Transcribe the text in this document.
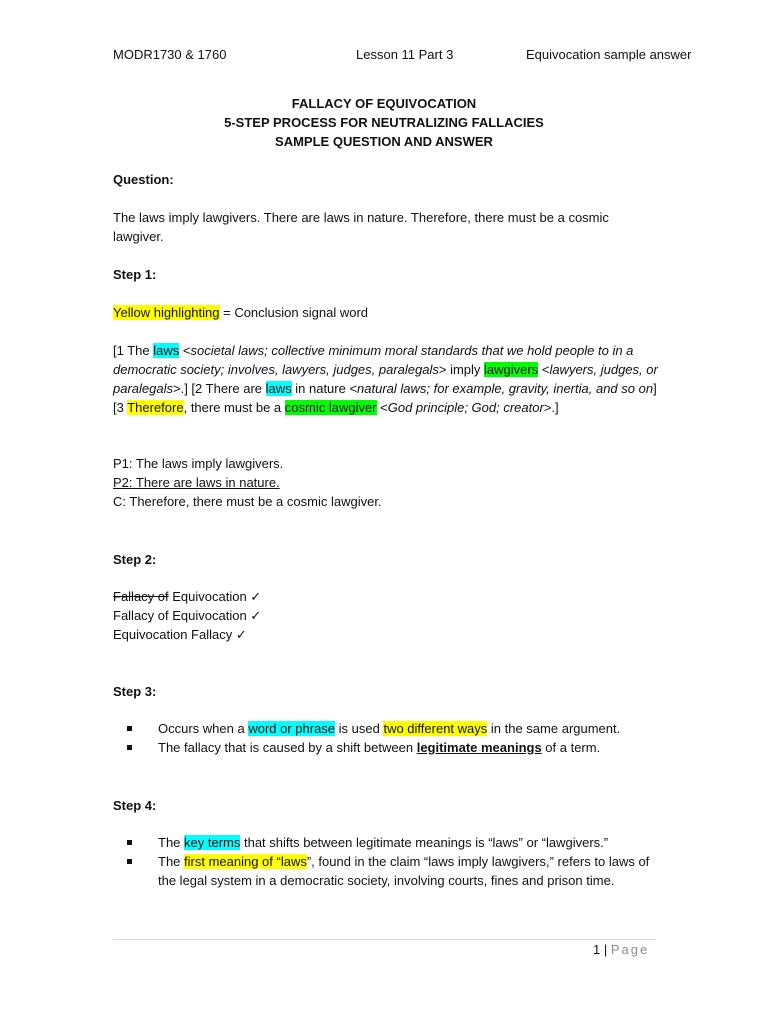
MODR1730 & 1760	Lesson 11 Part 3	Equivocation sample answer
FALLACY OF EQUIVOCATION
5-STEP PROCESS FOR NEUTRALIZING FALLACIES
SAMPLE QUESTION AND ANSWER
Question:
The laws imply lawgivers. There are laws in nature. Therefore, there must be a cosmic lawgiver.
Step 1:
Yellow highlighting = Conclusion signal word
[1 The laws <societal laws; collective minimum moral standards that we hold people to in a democratic society; involves, lawyers, judges, paralegals> imply lawgivers <lawyers, judges, or paralegals>.] [2 There are laws in nature <natural laws; for example, gravity, inertia, and so on] [3 Therefore, there must be a cosmic lawgiver <God principle; God; creator>.]
P1: The laws imply lawgivers.
P2: There are laws in nature.
C: Therefore, there must be a cosmic lawgiver.
Step 2:
Fallacy of Equivocation ✓
Fallacy of Equivocation ✓
Equivocation Fallacy ✓
Step 3:
Occurs when a word or phrase is used two different ways in the same argument.
The fallacy that is caused by a shift between legitimate meanings of a term.
Step 4:
The key terms that shifts between legitimate meanings is “laws” or “lawgivers.”
The first meaning of “laws”, found in the claim “laws imply lawgivers,” refers to laws of the legal system in a democratic society, involving courts, fines and prison time.
1 | Page
